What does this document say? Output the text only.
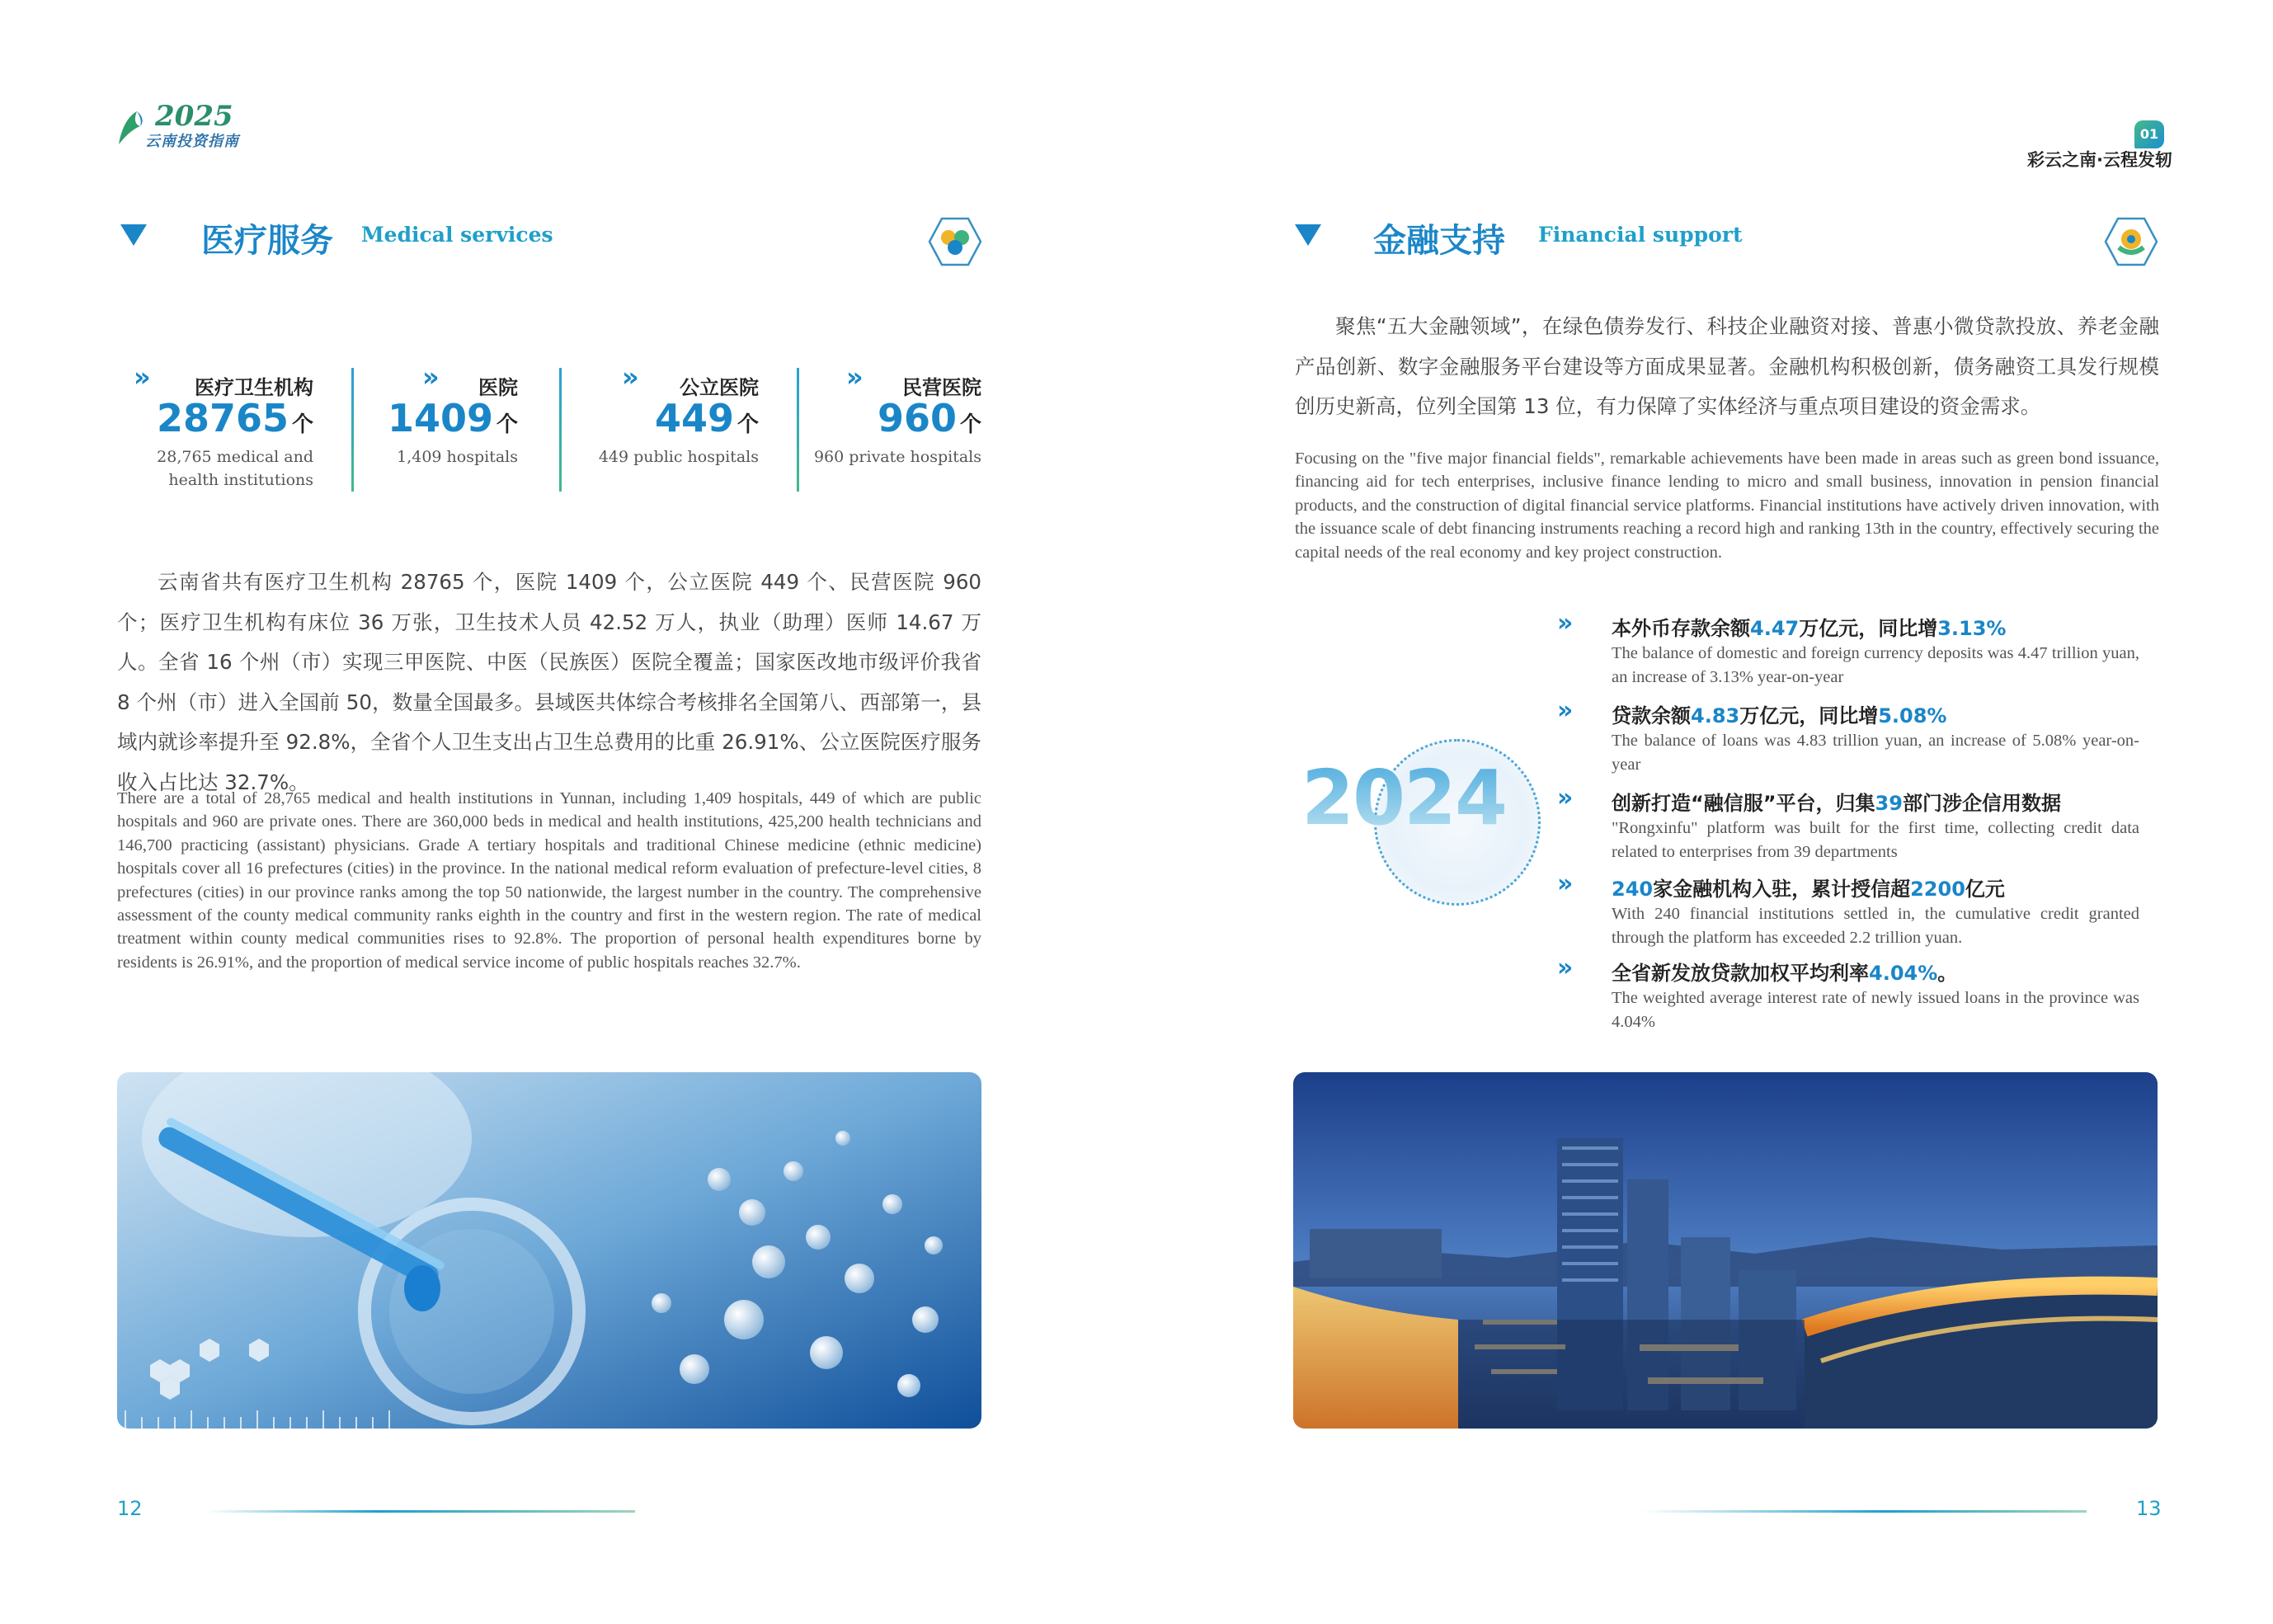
2025
云南投资指南
医疗服务 Medical services
» 医疗卫生机构
28765 个
28,765 medical and
health institutions
» 医院
1409 个
1,409 hospitals
» 公立医院
449 个
449 public hospitals
» 民营医院
960 个
960 private hospitals
云南省共有医疗卫生机构 28765 个，医院 1409 个，公立医院 449 个、民营医院 960 个；医疗卫生机构有床位 36 万张，卫生技术人员 42.52 万人，执业（助理）医师 14.67 万人。全省 16 个州（市）实现三甲医院、中医（民族医）医院全覆盖；国家医改地市级评价我省 8 个州（市）进入全国前 50，数量全国最多。县域医共体综合考核排名全国第八、西部第一，县域内就诊率提升至 92.8%，全省个人卫生支出占卫生总费用的比重 26.91%、公立医院医疗服务收入占比达 32.7%。
There are a total of 28,765 medical and health institutions in Yunnan, including 1,409 hospitals, 449 of which are public hospitals and 960 are private ones. There are 360,000 beds in medical and health institutions, 425,200 health technicians and 146,700 practicing (assistant) physicians. Grade A tertiary hospitals and traditional Chinese medicine (ethnic medicine) hospitals cover all 16 prefectures (cities) in the province. In the national medical reform evaluation of prefecture-level cities, 8 prefectures (cities) in our province ranks among the top 50 nationwide, the largest number in the country. The comprehensive assessment of the county medical community ranks eighth in the country and first in the western region. The rate of medical treatment within county medical communities rises to 92.8%. The proportion of personal health expenditures borne by residents is 26.91%, and the proportion of medical service income of public hospitals reaches 32.7%.
12
01
彩云之南·云程发轫
金融支持 Financial support
聚焦“五大金融领域”，在绿色债券发行、科技企业融资对接、普惠小微贷款投放、养老金融产品创新、数字金融服务平台建设等方面成果显著。金融机构积极创新，债务融资工具发行规模创历史新高，位列全国第 13 位，有力保障了实体经济与重点项目建设的资金需求。
Focusing on the "five major financial fields", remarkable achievements have been made in areas such as green bond issuance, financing aid for tech enterprises, inclusive finance lending to micro and small business, innovation in pension financial products, and the construction of digital financial service platforms. Financial institutions have actively driven innovation, with the issuance scale of debt financing instruments reaching a record high and ranking 13th in the country, effectively securing the capital needs of the real economy and key project construction.
2024
» 本外币存款余额4.47万亿元，同比增3.13%
The balance of domestic and foreign currency deposits was 4.47 trillion yuan, an increase of 3.13% year-on-year
» 贷款余额4.83万亿元，同比增5.08%
The balance of loans was 4.83 trillion yuan, an increase of 5.08% year-on-year
» 创新打造“融信服”平台，归集39部门涉企信用数据
"Rongxinfu" platform was built for the first time, collecting credit data related to enterprises from 39 departments
» 240家金融机构入驻，累计授信超2200亿元
With 240 financial institutions settled in, the cumulative credit granted through the platform has exceeded 2.2 trillion yuan.
» 全省新发放贷款加权平均利率4.04%。
The weighted average interest rate of newly issued loans in the province was 4.04%
13
